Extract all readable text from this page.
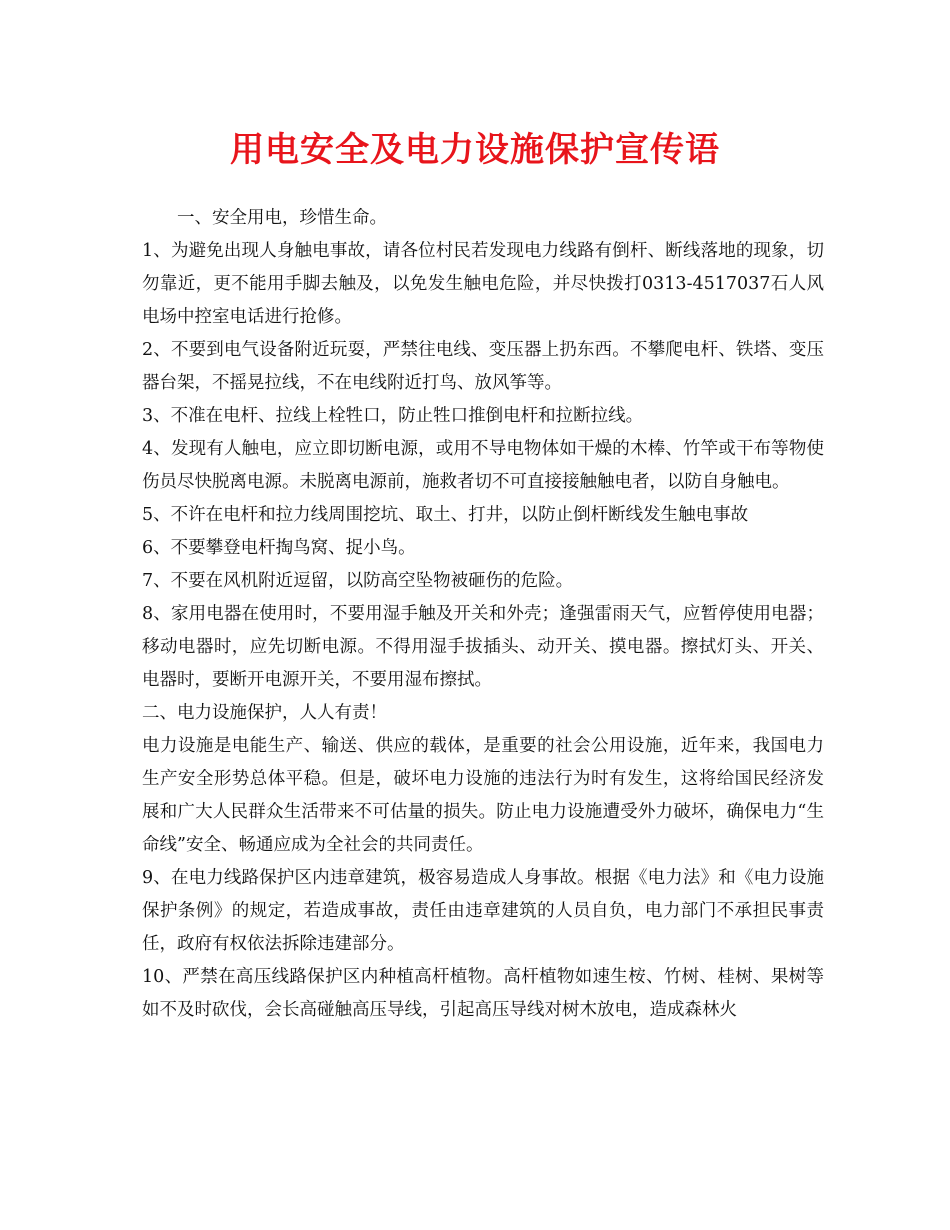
用电安全及电力设施保护宣传语

一、安全用电，珍惜生命。

1、为避免出现人身触电事故，请各位村民若发现电力线路有倒杆、断线落地的现象，切勿靠近，更不能用手脚去触及，以免发生触电危险，并尽快拨打0313-4517037石人风电场中控室电话进行抢修。

2、不要到电气设备附近玩耍，严禁往电线、变压器上扔东西。不攀爬电杆、铁塔、变压器台架，不摇晃拉线，不在电线附近打鸟、放风筝等。

3、不准在电杆、拉线上栓牲口，防止牲口推倒电杆和拉断拉线。

4、发现有人触电，应立即切断电源，或用不导电物体如干燥的木棒、竹竿或干布等物使伤员尽快脱离电源。未脱离电源前，施救者切不可直接接触触电者，以防自身触电。

5、不许在电杆和拉力线周围挖坑、取土、打井，以防止倒杆断线发生触电事故

6、不要攀登电杆掏鸟窝、捉小鸟。

7、不要在风机附近逗留，以防高空坠物被砸伤的危险。

8、家用电器在使用时，不要用湿手触及开关和外壳；逢强雷雨天气，应暂停使用电器；移动电器时，应先切断电源。不得用湿手拔插头、动开关、摸电器。擦拭灯头、开关、电器时，要断开电源开关，不要用湿布擦拭。

二、电力设施保护，人人有责！

电力设施是电能生产、输送、供应的载体，是重要的社会公用设施，近年来，我国电力生产安全形势总体平稳。但是，破坏电力设施的违法行为时有发生，这将给国民经济发展和广大人民群众生活带来不可估量的损失。防止电力设施遭受外力破坏，确保电力“生命线”安全、畅通应成为全社会的共同责任。

9、在电力线路保护区内违章建筑，极容易造成人身事故。根据《电力法》和《电力设施保护条例》的规定，若造成事故，责任由违章建筑的人员自负，电力部门不承担民事责任，政府有权依法拆除违建部分。

10、严禁在高压线路保护区内种植高杆植物。高杆植物如速生桉、竹树、桂树、果树等如不及时砍伐，会长高碰触高压导线，引起高压导线对树木放电，造成森林火
